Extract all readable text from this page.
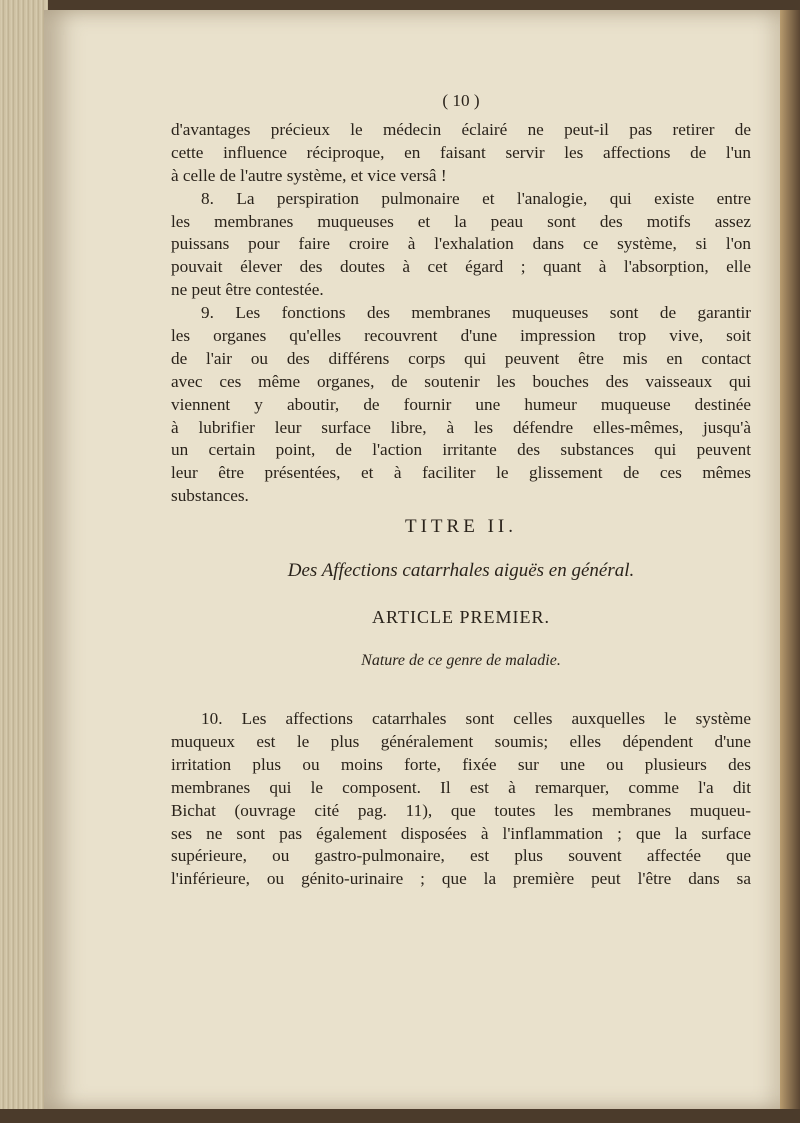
( 10 )
d'avantages précieux le médecin éclairé ne peut-il pas retirer de
cette influence réciproque, en faisant servir les affections de l'un
à celle de l'autre système, et vice versâ !
8. La perspiration pulmonaire et l'analogie, qui existe entre
les membranes muqueuses et la peau sont des motifs assez
puissans pour faire croire à l'exhalation dans ce système, si l'on
pouvait élever des doutes à cet égard ; quant à l'absorption, elle
ne peut être contestée.
9. Les fonctions des membranes muqueuses sont de garantir
les organes qu'elles recouvrent d'une impression trop vive, soit
de l'air ou des différens corps qui peuvent être mis en contact
avec ces même organes, de soutenir les bouches des vaisseaux qui
viennent y aboutir, de fournir une humeur muqueuse destinée
à lubrifier leur surface libre, à les défendre elles-mêmes, jusqu'à
un certain point, de l'action irritante des substances qui peuvent
leur être présentées, et à faciliter le glissement de ces mêmes
substances.
TITRE II.
Des Affections catarrhales aiguës en général.
ARTICLE PREMIER.
Nature de ce genre de maladie.
10. Les affections catarrhales sont celles auxquelles le système
muqueux est le plus généralement soumis; elles dépendent d'une
irritation plus ou moins forte, fixée sur une ou plusieurs des
membranes qui le composent. Il est à remarquer, comme l'a dit
Bichat (ouvrage cité pag. 11), que toutes les membranes muqueu-
ses ne sont pas également disposées à l'inflammation ; que la surface
supérieure, ou gastro-pulmonaire, est plus souvent affectée que
l'inférieure, ou génito-urinaire ; que la première peut l'être dans sa
